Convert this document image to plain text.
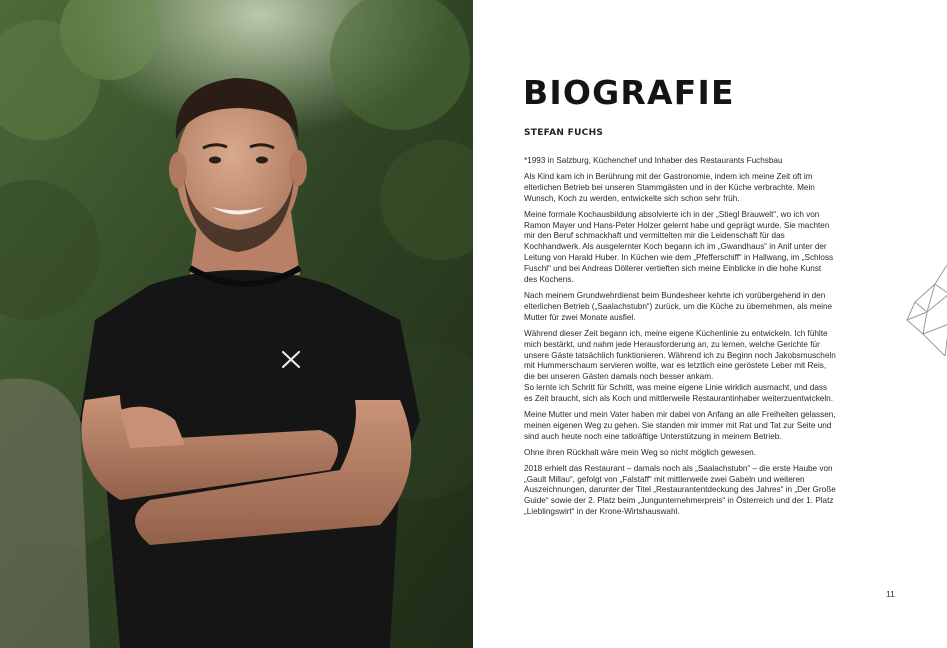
BIOGRAFIE
STEFAN FUCHS

*1993 in Salzburg, Küchenchef und Inhaber des Restaurants Fuchsbau

Als Kind kam ich in Berührung mit der Gastronomie, indem ich meine Zeit oft im elterlichen Betrieb bei unseren Stammgästen und in der Küche verbrachte. Mein Wunsch, Koch zu werden, entwickelte sich schon sehr früh.

Meine formale Kochausbildung absolvierte ich in der „Stiegl Brauwelt“, wo ich von Ramon Mayer und Hans-Peter Holzer gelernt habe und geprägt wurde. Sie machten mir den Beruf schmackhaft und vermittelten mir die Leidenschaft für das Kochhandwerk. Als ausgelernter Koch begann ich im „Gwandhaus“ in Anif unter der Leitung von Harald Huber. In Küchen wie dem „Pfefferschiff“ in Hallwang, im „Schloss Fuschl“ und bei Andreas Döllerer vertieften sich meine Einblicke in die hohe Kunst des Kochens.

Nach meinem Grundwehrdienst beim Bundesheer kehrte ich vorübergehend in den elterlichen Betrieb („Saalachstubn“) zurück, um die Küche zu übernehmen, als meine Mutter für zwei Monate ausfiel.

Während dieser Zeit begann ich, meine eigene Küchenlinie zu entwickeln. Ich fühlte mich bestärkt, und nahm jede Herausforderung an, zu lernen, welche Gerichte für unsere Gäste tatsächlich funktionieren. Während ich zu Beginn noch Jakobsmuscheln mit Hummerschaum servieren wollte, war es letztlich eine geröstete Leber mit Reis, die bei unseren Gästen damals noch besser ankam.

So lernte ich Schritt für Schritt, was meine eigene Linie wirklich ausmacht, und dass es Zeit braucht, sich als Koch und mittlerweile Restaurantinhaber weiterzuentwickeln.

Meine Mutter und mein Vater haben mir dabei von Anfang an alle Freiheiten gelassen, meinen eigenen Weg zu gehen. Sie standen mir immer mit Rat und Tat zur Seite und sind auch heute noch eine tatkräftige Unterstützung in meinem Betrieb.

Ohne ihren Rückhalt wäre mein Weg so nicht möglich gewesen.

2018 erhielt das Restaurant – damals noch als „Saalachstubn“ – die erste Haube von „Gault Millau“, gefolgt von „Falstaff“ mit mittlerweile zwei Gabeln und weiteren Auszeichnungen, darunter der Titel „Restaurantentdeckung des Jahres“ in „Der Große Guide“ sowie der 2. Platz beim „Jungunternehmerpreis“ in Österreich und der 1. Platz „Lieblingswirt“ in der Krone-Wirtshauswahl.

11
